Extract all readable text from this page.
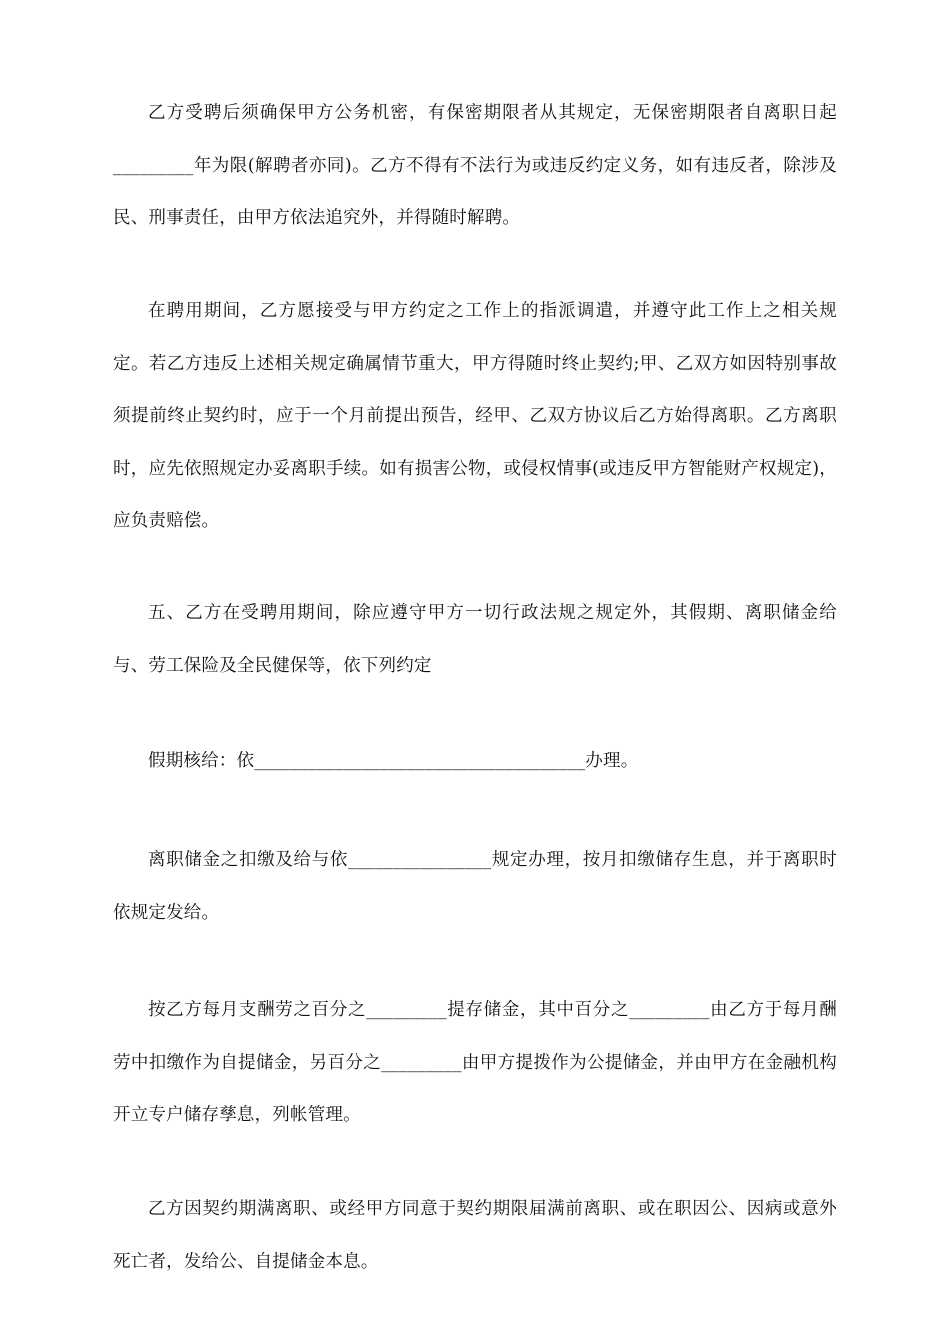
乙方受聘后须确保甲方公务机密，有保密期限者从其规定，无保密期限者自离职日起_________年为限(解聘者亦同)。乙方不得有不法行为或违反约定义务，如有违反者，除涉及民、刑事责任，由甲方依法追究外，并得随时解聘。

在聘用期间，乙方愿接受与甲方约定之工作上的指派调遣，并遵守此工作上之相关规定。若乙方违反上述相关规定确属情节重大，甲方得随时终止契约;甲、乙双方如因特别事故须提前终止契约时，应于一个月前提出预告，经甲、乙双方协议后乙方始得离职。乙方离职时，应先依照规定办妥离职手续。如有损害公物，或侵权情事(或违反甲方智能财产权规定)，应负责赔偿。

五、乙方在受聘用期间，除应遵守甲方一切行政法规之规定外，其假期、离职储金给与、劳工保险及全民健保等，依下列约定

假期核给：依_____________________________________办理。

离职储金之扣缴及给与依________________规定办理，按月扣缴储存生息，并于离职时依规定发给。

按乙方每月支酬劳之百分之_________提存储金，其中百分之_________由乙方于每月酬劳中扣缴作为自提储金，另百分之_________由甲方提拨作为公提储金，并由甲方在金融机构开立专户储存孳息，列帐管理。

乙方因契约期满离职、或经甲方同意于契约期限届满前离职、或在职因公、因病或意外死亡者，发给公、自提储金本息。
